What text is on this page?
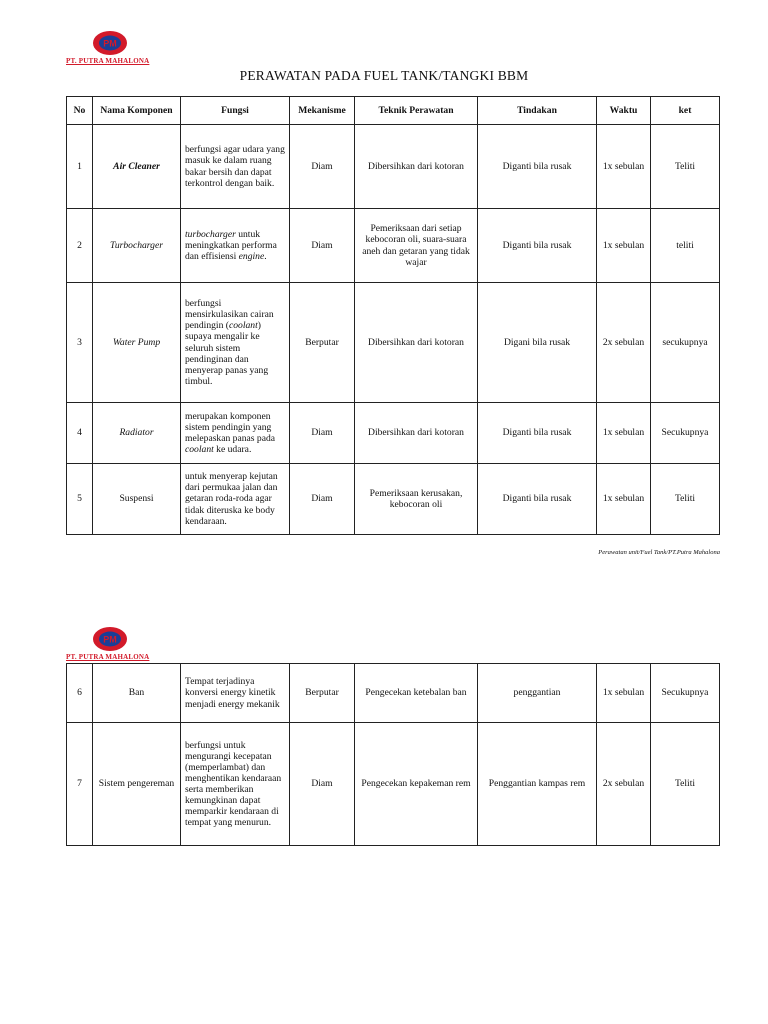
PM
PT. PUTRA MAHALONA
PERAWATAN PADA FUEL TANK/TANGKI BBM
No	Nama Komponen	Fungsi	Mekanisme	Teknik Perawatan	Tindakan	Waktu	ket
1	Air Cleaner	berfungsi agar udara yang masuk ke dalam ruang bakar bersih dan dapat terkontrol dengan baik.	Diam	Dibersihkan dari kotoran	Diganti bila rusak	1x sebulan	Teliti
2	Turbocharger	turbocharger untuk meningkatkan performa dan effisiensi engine.	Diam	Pemeriksaan dari setiap kebocoran oli, suara-suara aneh dan getaran yang tidak wajar	Diganti bila rusak	1x sebulan	teliti
3	Water Pump	berfungsi mensirkulasikan cairan pendingin (coolant) supaya mengalir ke seluruh sistem pendinginan dan menyerap panas yang timbul.	Berputar	Dibersihkan dari kotoran	Digani bila rusak	2x sebulan	secukupnya
4	Radiator	merupakan komponen sistem pendingin yang melepaskan panas pada coolant ke udara.	Diam	Dibersihkan dari kotoran	Diganti bila rusak	1x sebulan	Secukupnya
5	Suspensi	untuk menyerap kejutan dari permukaa jalan dan getaran roda-roda agar tidak diteruska ke body kendaraan.	Diam	Pemeriksaan kerusakan, kebocoran oli	Diganti bila rusak	1x sebulan	Teliti
Perawatan unit/Fuel Tank/PT.Putra Mahalona
PM
PT. PUTRA MAHALONA
6	Ban	Tempat terjadinya konversi energy kinetik menjadi energy mekanik	Berputar	Pengecekan ketebalan ban	penggantian	1x sebulan	Secukupnya
7	Sistem pengereman	berfungsi untuk mengurangi kecepatan (memperlambat) dan menghentikan kendaraan serta memberikan kemungkinan dapat memparkir kendaraan di tempat yang menurun.	Diam	Pengecekan kepakeman rem	Penggantian kampas rem	2x sebulan	Teliti
